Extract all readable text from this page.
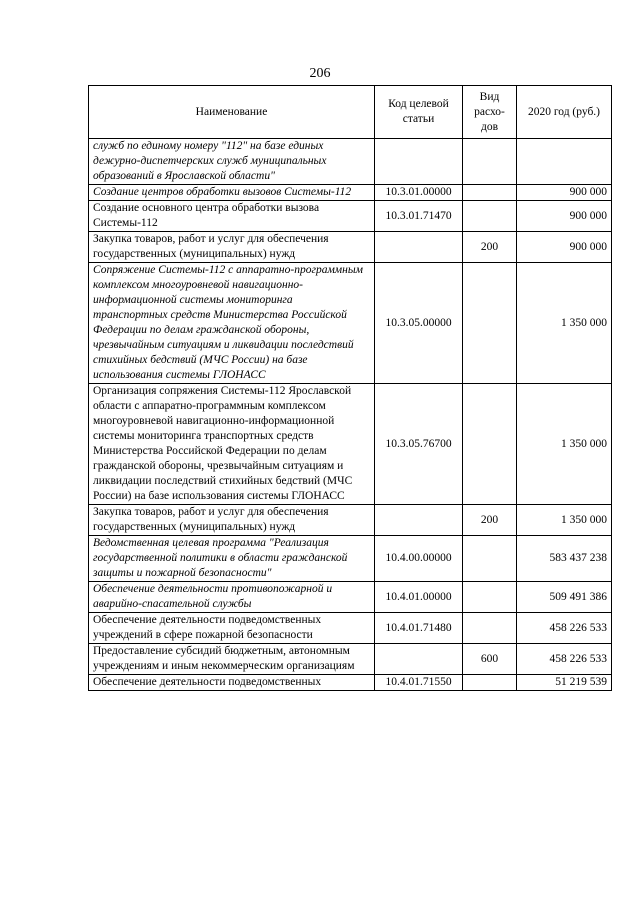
206
Наименование	Код целевой статьи	Вид расхо-дов	2020 год (руб.)
служб по единому номеру "112" на базе единых дежурно-диспетчерских служб муниципальных образований в Ярославской области"			
Создание центров обработки вызовов Системы-112	10.3.01.00000		900 000
Создание основного центра обработки вызова Системы-112	10.3.01.71470		900 000
Закупка товаров, работ и услуг для обеспечения государственных (муниципальных) нужд		200	900 000
Сопряжение Системы-112 с аппаратно-программным комплексом многоуровневой навигационно-информационной системы мониторинга транспортных средств Министерства Российской Федерации по делам гражданской обороны, чрезвычайным ситуациям и ликвидации последствий стихийных бедствий (МЧС России) на базе использования системы ГЛОНАСС	10.3.05.00000		1 350 000
Организация сопряжения Системы-112 Ярославской области с аппаратно-программным комплексом многоуровневой навигационно-информационной системы мониторинга транспортных средств Министерства Российской Федерации по делам гражданской обороны, чрезвычайным ситуациям и ликвидации последствий стихийных бедствий (МЧС России) на базе использования системы ГЛОНАСС	10.3.05.76700		1 350 000
Закупка товаров, работ и услуг для обеспечения государственных (муниципальных) нужд		200	1 350 000
Ведомственная целевая программа "Реализация государственной политики в области гражданской защиты и пожарной безопасности"	10.4.00.00000		583 437 238
Обеспечение деятельности противопожарной и аварийно-спасательной службы	10.4.01.00000		509 491 386
Обеспечение деятельности подведомственных учреждений в сфере пожарной безопасности	10.4.01.71480		458 226 533
Предоставление субсидий бюджетным, автономным учреждениям и иным некоммерческим организациям		600	458 226 533
Обеспечение деятельности подведомственных	10.4.01.71550		51 219 539
